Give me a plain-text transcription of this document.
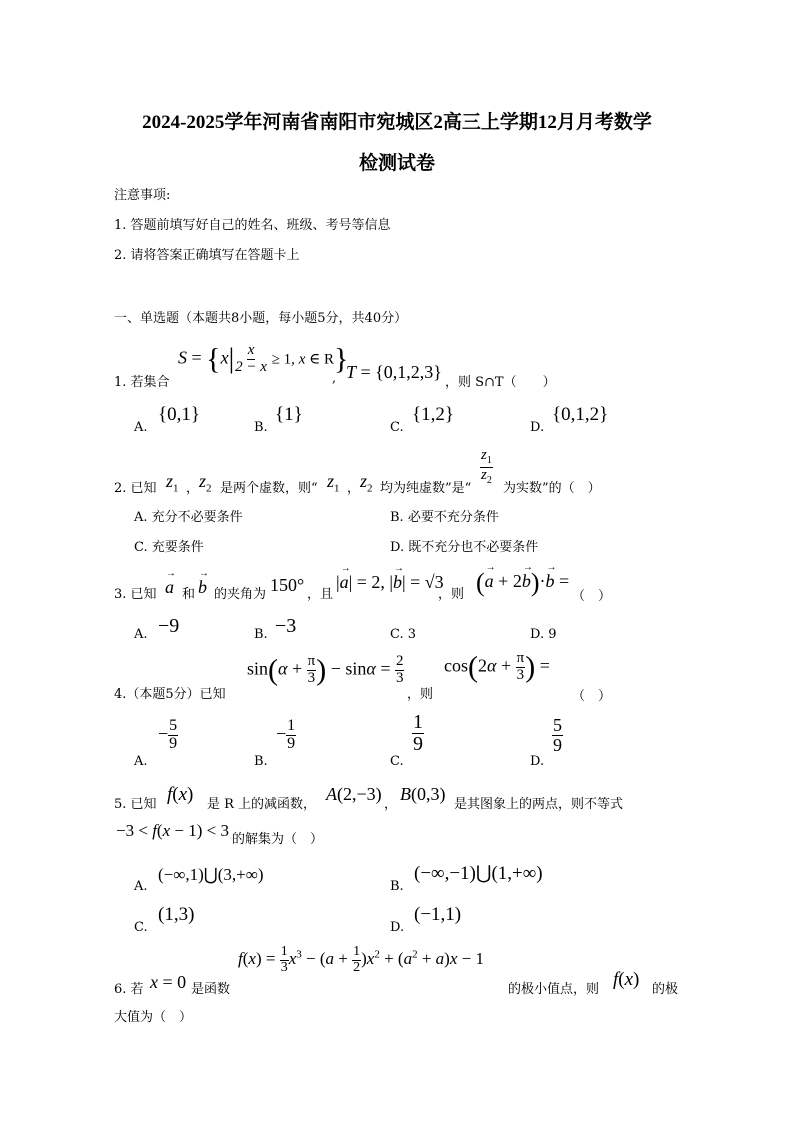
2024-2025学年河南省南阳市宛城区2高三上学期12月月考数学
检测试卷
注意事项:
1. 答题前填写好自己的姓名、班级、考号等信息
2. 请将答案正确填写在答题卡上
一、单选题（本题共8小题，每小题5分，共40分）
1. 若集合
$S = \{x| \frac{x}{2 - x} \ge 1$, x ∈ R}
, T = {0,1,2,3}
，则 S∩T（　　）
A.
{0,1}
B.
{1}
C.
{1,2}
D.
{0,1,2}
2. 已知 $z_1$ ， $z_2$ 是两个虚数，则“ $z_1$ ， $z_2$ 均为纯虚数”是“
$\frac{z_1}{z_2}$
为实数”的（　）
A. 充分不必要条件	B. 必要不充分条件
C. 充要条件	D. 既不充分也不必要条件
3. 已知
→
a 和
→
b 的夹角为 150° ，且
|
→
a| = 2, |
→
b| = √3
，则 (
→
a + 2
→
b)·
→
b =
（　）
A. −9	B. −3	C. 3	D. 9
4.（本题5分）已知
$\sin(\alpha + \frac{\pi}{3}$ ) − $\sin\alpha = \frac{2}{3}$
，则
$\cos(2\alpha + \frac{\pi}{3}$ ) =
（　）
A.
− $\frac{5}{9}$
B.
− $\frac{1}{9}$
C.
$\frac{1}{9}$
D.
$\frac{5}{9}$
5. 已知 f(x) 是 R 上的减函数，
A(2,−3)
，
B(0,3)
是其图象上的两点，则不等式
−3 < f(x − 1) < 3 的解集为（　）
A.
(−∞,1)⋃(3,+∞)
B.
(−∞,−1)⋃(1,+∞)
C.
(1,3)
D.
(−1,1)
6. 若 x = 0 是函数
$f(x) = \frac{1}{3} x^3 - (a + \frac{1}{2} )x^2 + (a^2 + a)x - 1$
的极小值点，则 f(x) 的极
大值为（　）
